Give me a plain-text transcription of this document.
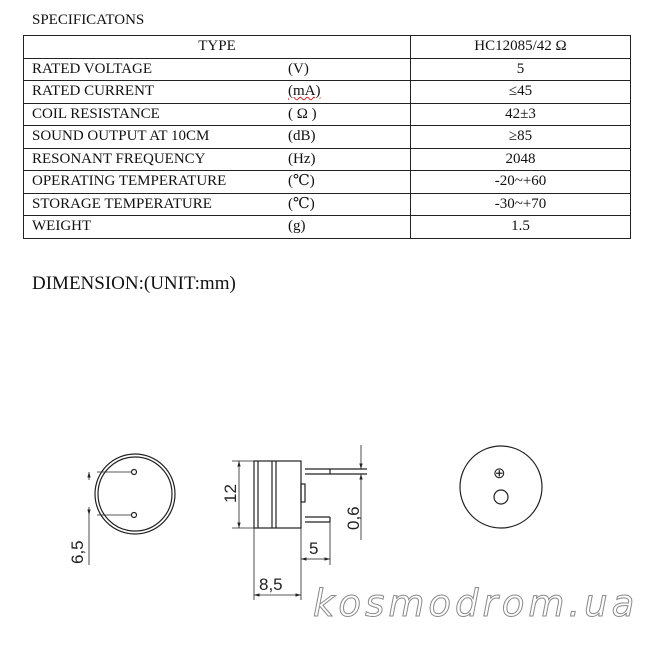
SPECIFICATONS
TYPE	HC12085/42 Ω
RATED VOLTAGE (V)	5
RATED CURRENT (mA)	≤45
COIL RESISTANCE ( Ω )	42±3
SOUND OUTPUT AT 10CM (dB)	≥85
RESONANT FREQUENCY (Hz)	2048
OPERATING TEMPERATURE (℃)	-20~+60
STORAGE TEMPERATURE (℃)	-30~+70
WEIGHT (g)	1.5
DIMENSION:(UNIT:mm)
6,5
12
0,6
5
8,5
⊕
kosmodrom.ua
